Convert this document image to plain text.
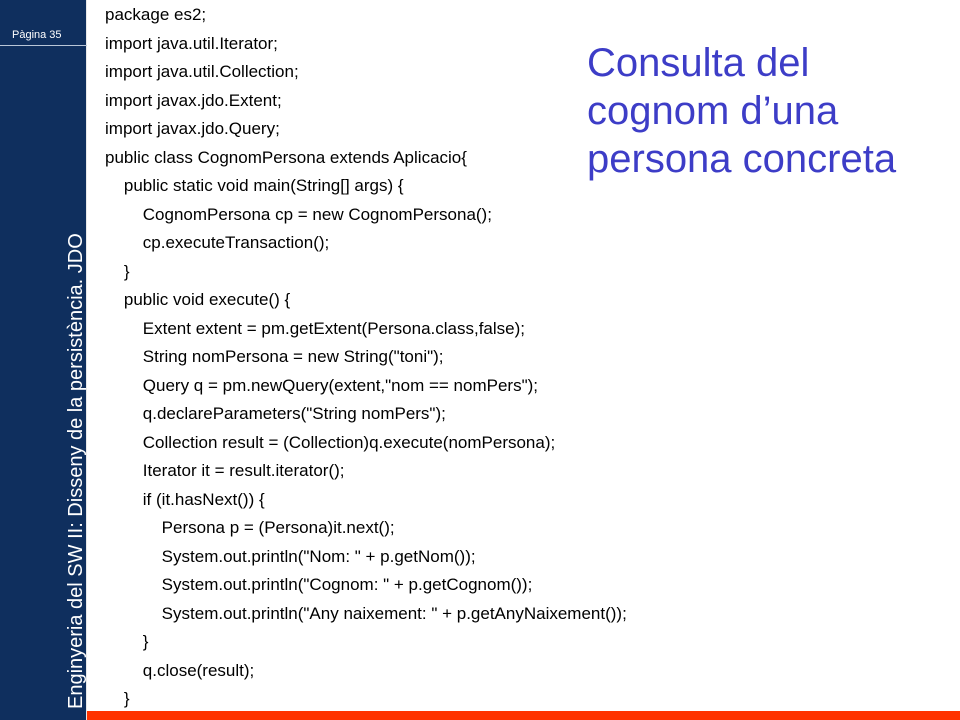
Pàgina 35
Enginyeria del SW II: Disseny de la persistència. JDO
package es2;
import java.util.Iterator;
import java.util.Collection;
import javax.jdo.Extent;
import javax.jdo.Query;
public class CognomPersona extends Aplicacio{
public static void main(String[] args) {
CognomPersona cp = new CognomPersona();
cp.executeTransaction();
}
public void execute() {
Extent extent = pm.getExtent(Persona.class,false);
String nomPersona = new String("toni");
Query q = pm.newQuery(extent,"nom == nomPers");
q.declareParameters("String nomPers");
Collection result = (Collection)q.execute(nomPersona);
Iterator it = result.iterator();
if (it.hasNext()) {
Persona p = (Persona)it.next();
System.out.println("Nom: " + p.getNom());
System.out.println("Cognom: " + p.getCognom());
System.out.println("Any naixement: " + p.getAnyNaixement());
}
q.close(result);
}
Consulta del
cognom d’una
persona concreta
